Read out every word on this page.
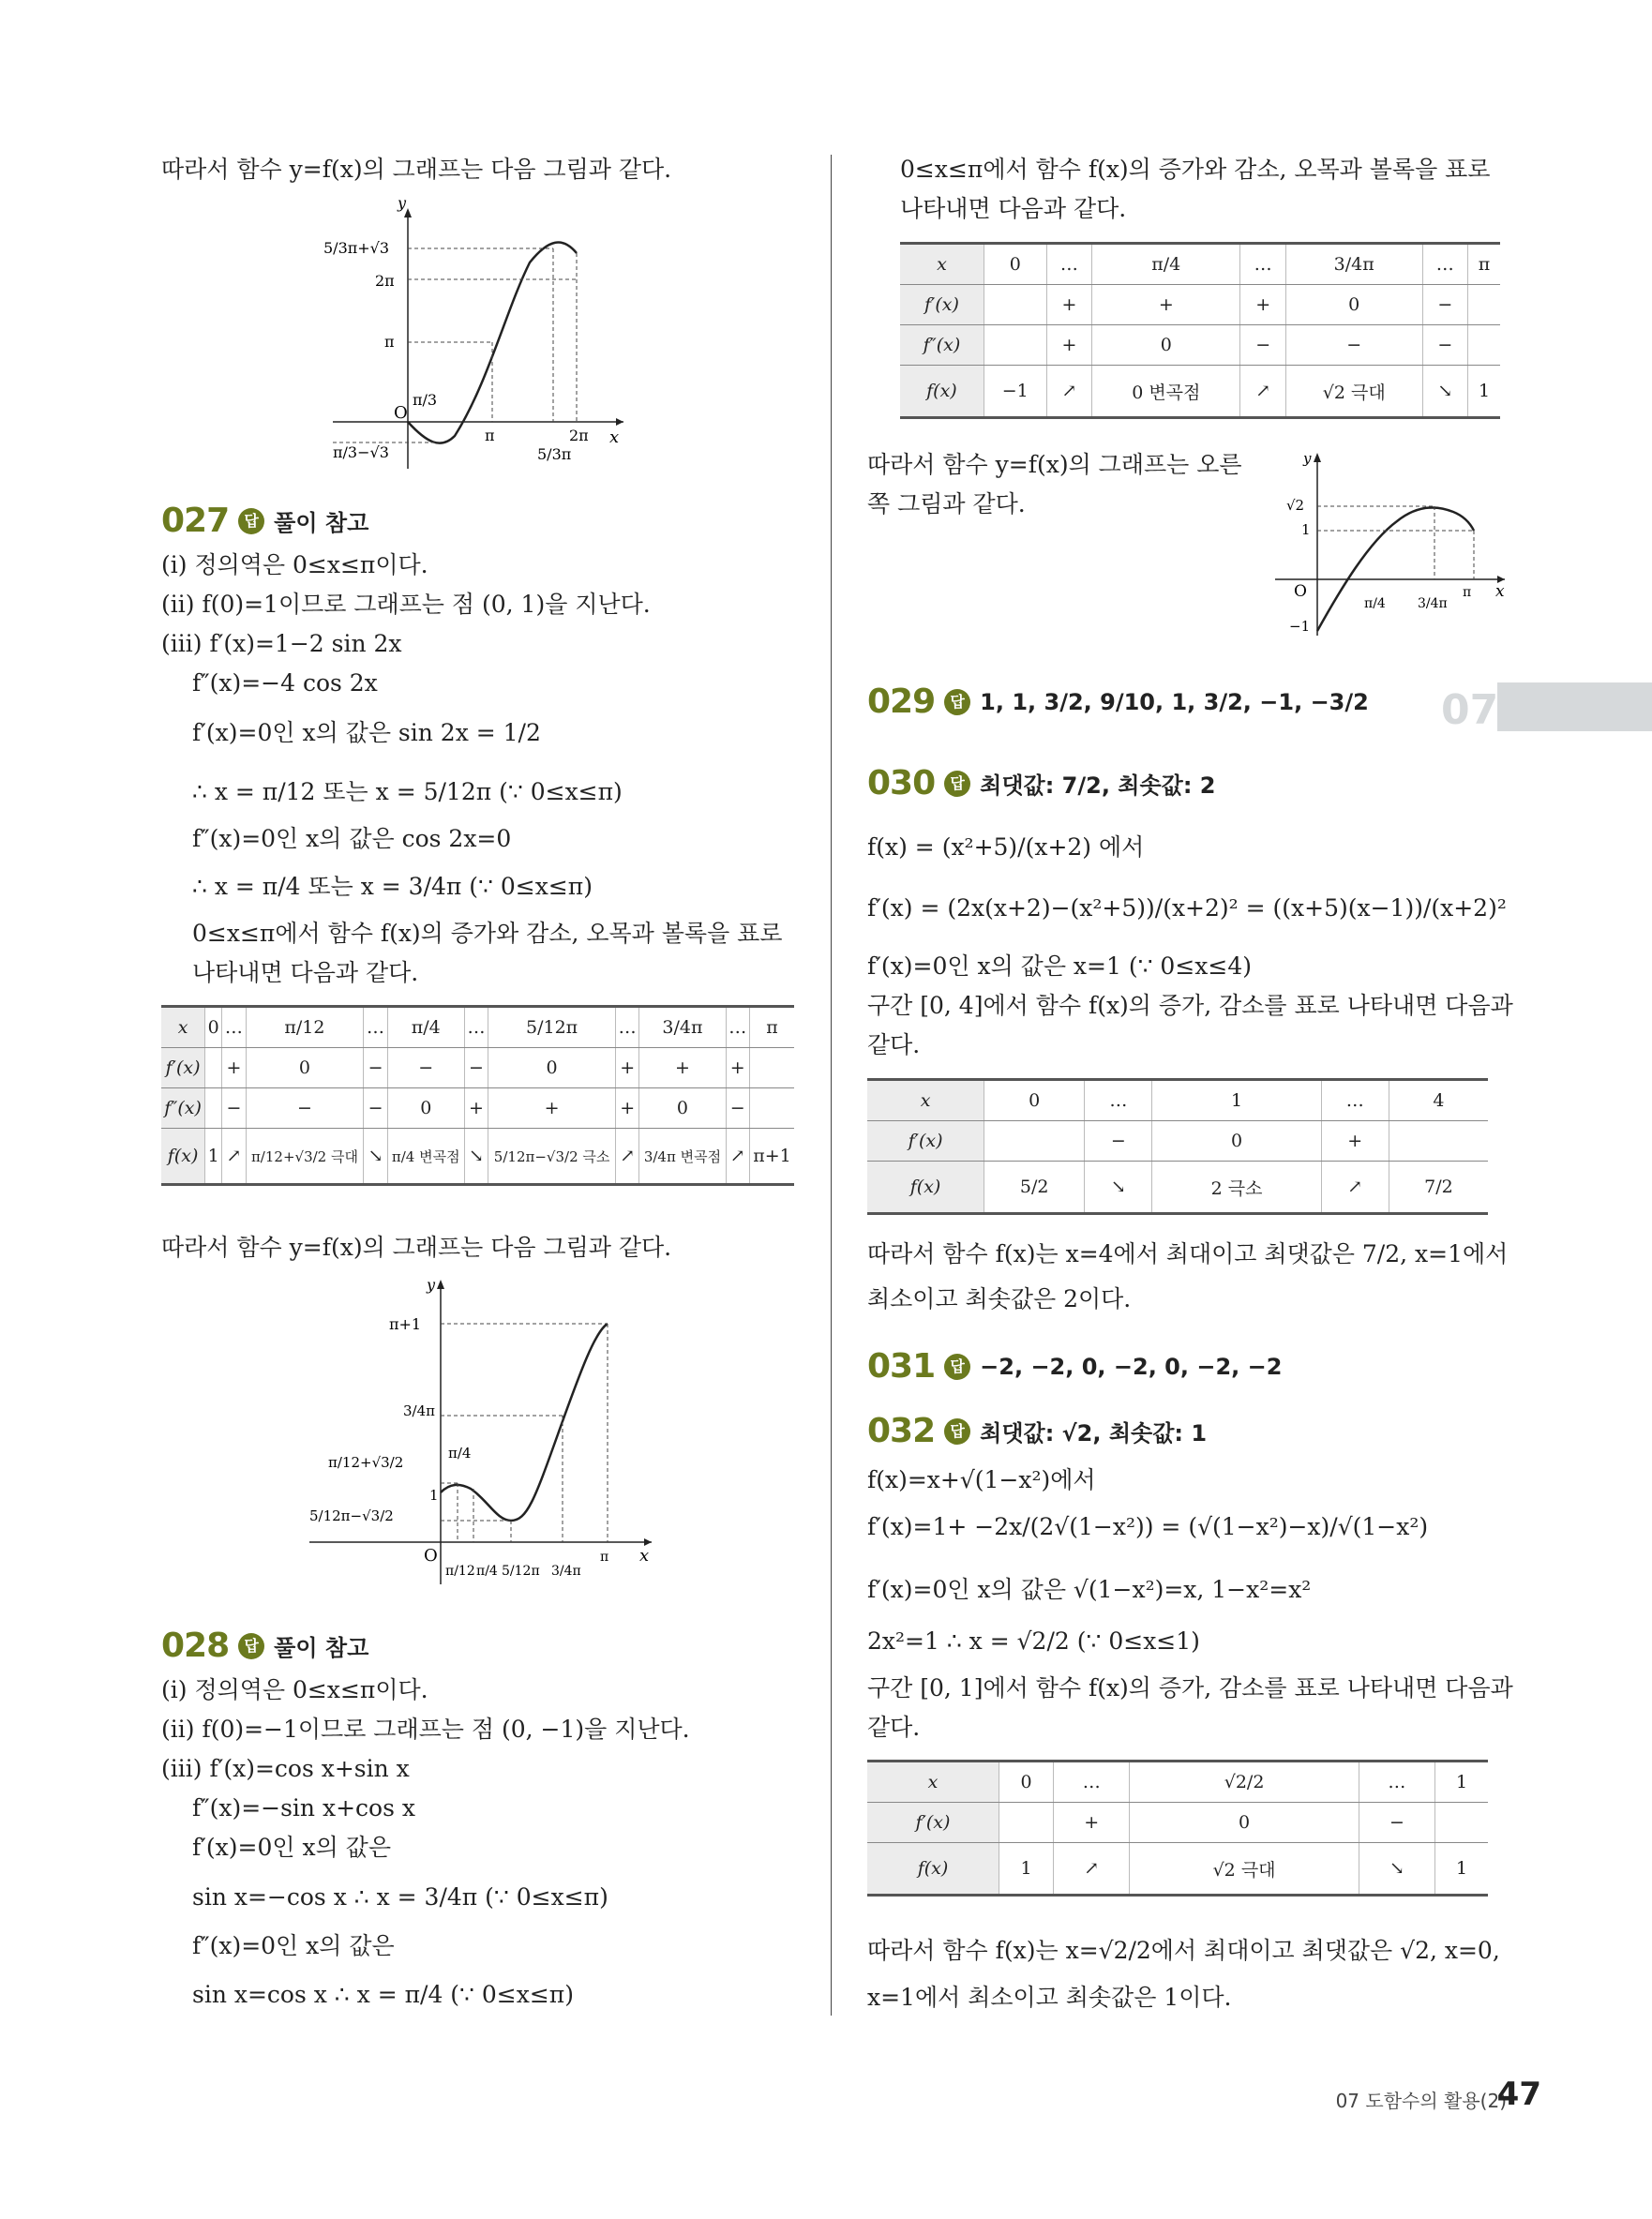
따라서 함수 y=f(x)의 그래프는 다음 그림과 같다.
y
x
O
5/3π+√3
2π
π
π/3
π
5/3π
2π
π/3−√3
027	답 풀이 참고
(ⅰ) 정의역은 0≤x≤π이다.
(ⅱ) f(0)=1이므로 그래프는 점 (0, 1)을 지난다.
(ⅲ) f′(x)=1−2 sin 2x
f″(x)=−4 cos 2x
f′(x)=0인 x의 값은 sin 2x = 1/2
∴ x = π/12 또는 x = 5/12π (∵ 0≤x≤π)
f″(x)=0인 x의 값은 cos 2x=0
∴ x = π/4 또는 x = 3/4π (∵ 0≤x≤π)
0≤x≤π에서 함수 f(x)의 증가와 감소, 오목과 볼록을 표로
나타내면 다음과 같다.
x	0	…	π/12	…	π/4	…	5/12π	…	3/4π	…	π
f′(x)		+	0	−	−	−	0	+	+	+	
f″(x)		−	−	−	0	+	+	+	0	−	
f(x)	1	↗	π/12+√3/2 극대	↘	π/4 변곡점	↘	5/12π−√3/2 극소	↗	3/4π 변곡점	↗	π+1
따라서 함수 y=f(x)의 그래프는 다음 그림과 같다.
y
x
O
π+1
3/4π
π/12+√3/2
π/4
1
5/12π−√3/2
π/12 π/4 5/12π 3/4π
π
028	답 풀이 참고
(ⅰ) 정의역은 0≤x≤π이다.
(ⅱ) f(0)=−1이므로 그래프는 점 (0, −1)을 지난다.
(ⅲ) f′(x)=cos x+sin x
f″(x)=−sin x+cos x
f′(x)=0인 x의 값은
sin x=−cos x ∴ x = 3/4π (∵ 0≤x≤π)
f″(x)=0인 x의 값은
sin x=cos x ∴ x = π/4 (∵ 0≤x≤π)
0≤x≤π에서 함수 f(x)의 증가와 감소, 오목과 볼록을 표로
나타내면 다음과 같다.
x	0	…	π/4	…	3/4π	…	π
f′(x)		+	+	+	0	−	
f″(x)		+	0	−	−	−	
f(x)	−1	↗	0 변곡점	↗	√2 극대	↘	1
따라서 함수 y=f(x)의 그래프는 오른
쪽 그림과 같다.
y
x
O
√2
1
−1
π/4 3/4π
π
029	답 1, 1, 3/2, 9/10, 1, 3/2, −1, −3/2
030	답 최댓값: 7/2, 최솟값: 2
f(x) = (x²+5)/(x+2) 에서
f′(x) = (2x(x+2)−(x²+5))/(x+2)² = ((x+5)(x−1))/(x+2)²
f′(x)=0인 x의 값은 x=1 (∵ 0≤x≤4)
구간 [0, 4]에서 함수 f(x)의 증가, 감소를 표로 나타내면 다음과
같다.
x	0	…	1	…	4
f′(x)		−	0	+	
f(x)	5/2	↘	2 극소	↗	7/2
따라서 함수 f(x)는 x=4에서 최대이고 최댓값은 7/2, x=1에서
최소이고 최솟값은 2이다.
031	답 −2, −2, 0, −2, 0, −2, −2
032	답 최댓값: √2, 최솟값: 1
f(x)=x+√(1−x²)에서
f′(x)=1+ −2x/(2√(1−x²)) = (√(1−x²)−x)/√(1−x²)
f′(x)=0인 x의 값은 √(1−x²)=x, 1−x²=x²
2x²=1 ∴ x = √2/2 (∵ 0≤x≤1)
구간 [0, 1]에서 함수 f(x)의 증가, 감소를 표로 나타내면 다음과
같다.
x	0	…	√2/2	…	1
f′(x)		+	0	−	
f(x)	1	↗	√2 극대	↘	1
따라서 함수 f(x)는 x=√2/2에서 최대이고 최댓값은 √2, x=0,
x=1에서 최소이고 최솟값은 1이다.
07
07 도함수의 활용(2)
47
